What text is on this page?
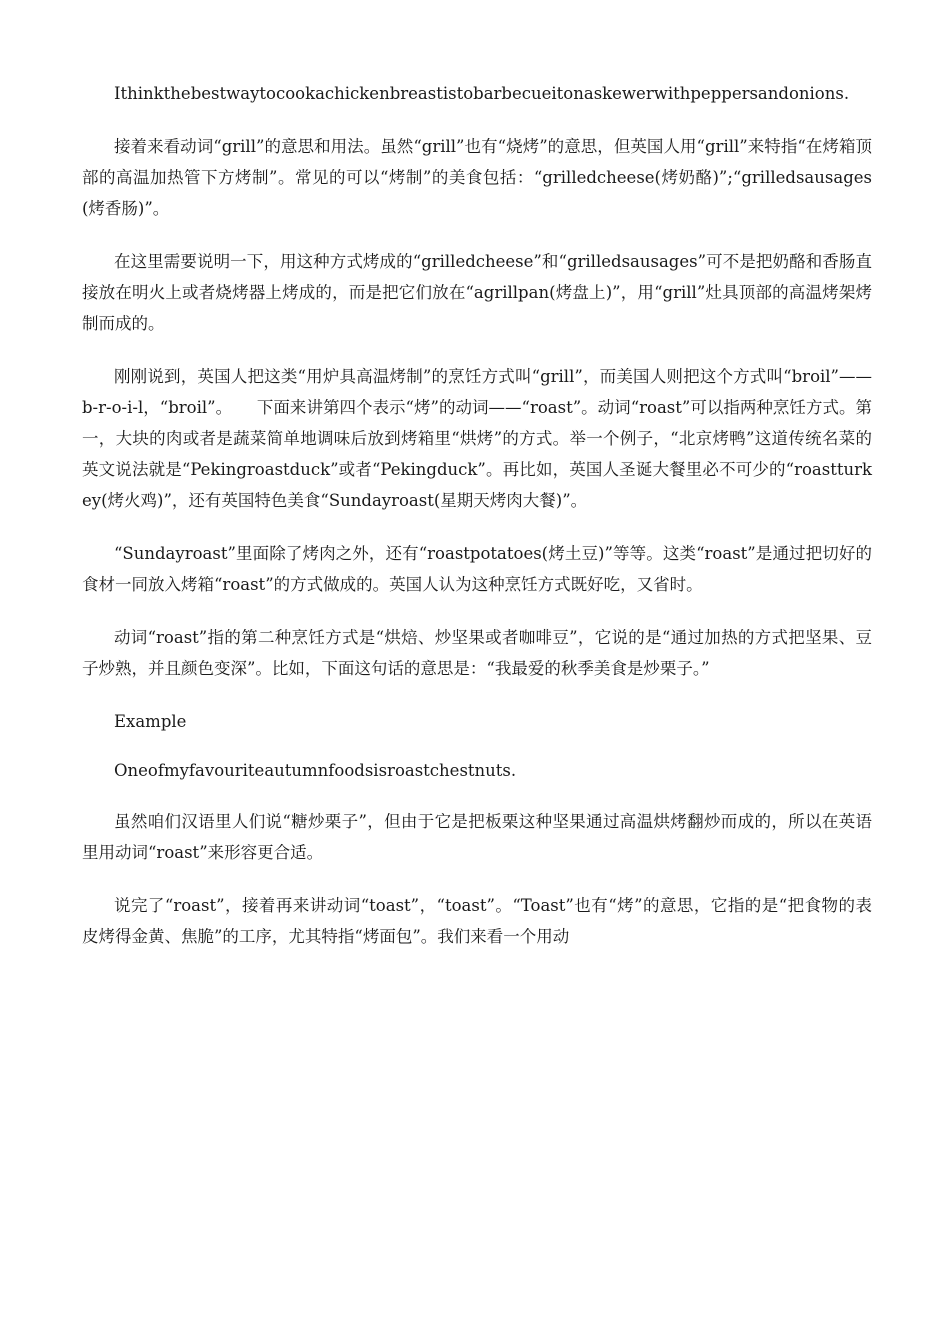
Ithinkthebestwaytocookachickenbreastistobarbecueitonaskewerwithpeppersandonions.

接着来看动词“grill”的意思和用法。虽然“grill”也有“烧烤”的意思，但英国人用“grill”来特指“在烤箱顶部的高温加热管下方烤制”。常见的可以“烤制”的美食包括：“grilledcheese(烤奶酪)”;“grilledsausages(烤香肠)”。

在这里需要说明一下，用这种方式烤成的“grilledcheese”和“grilledsausages”可不是把奶酪和香肠直接放在明火上或者烧烤器上烤成的，而是把它们放在“agrillpan(烤盘上)”，用“grill”灶具顶部的高温烤架烤制而成的。

刚刚说到，英国人把这类“用炉具高温烤制”的烹饪方式叫“grill”，而美国人则把这个方式叫“broil”——b-r-o-i-l，“broil”。　　下面来讲第四个表示“烤”的动词——“roast”。动词“roast”可以指两种烹饪方式。第一，大块的肉或者是蔬菜简单地调味后放到烤箱里“烘烤”的方式。举一个例子，“北京烤鸭”这道传统名菜的英文说法就是“Pekingroastduck”或者“Pekingduck”。再比如，英国人圣诞大餐里必不可少的“roastturkey(烤火鸡)”，还有英国特色美食“Sundayroast(星期天烤肉大餐)”。

“Sundayroast”里面除了烤肉之外，还有“roastpotatoes(烤土豆)”等等。这类“roast”是通过把切好的食材一同放入烤箱“roast”的方式做成的。英国人认为这种烹饪方式既好吃，又省时。

动词“roast”指的第二种烹饪方式是“烘焙、炒坚果或者咖啡豆”，它说的是“通过加热的方式把坚果、豆子炒熟，并且颜色变深”。比如，下面这句话的意思是：“我最爱的秋季美食是炒栗子。”

Example

Oneofmyfavouriteautumnfoodsisroastchestnuts.

虽然咱们汉语里人们说“糖炒栗子”，但由于它是把板栗这种坚果通过高温烘烤翻炒而成的，所以在英语里用动词“roast”来形容更合适。

说完了“roast”，接着再来讲动词“toast”，“toast”。“Toast”也有“烤”的意思，它指的是“把食物的表皮烤得金黄、焦脆”的工序，尤其特指“烤面包”。我们来看一个用动
